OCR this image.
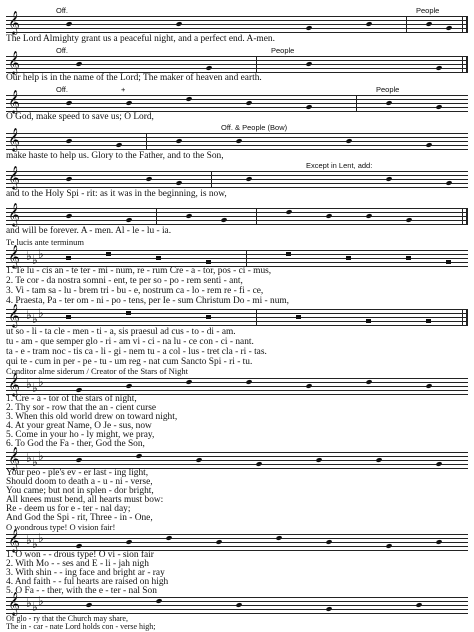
𝄞
Off.	People
The Lord Almighty grant us a peaceful night, and a perfect end. A-men.
𝄞
Off.	People
Our help is in the name of the Lord; The maker of heaven and earth.
𝄞
Off.	+	People
O God, make speed to save us; O Lord,
𝄞
Off. & People (Bow)
make haste to help us. Glory to the Father, and to the Son,
𝄞
Except in Lent, add:
and to the Holy Spi - rit: as it was in the beginning, is now,
𝄞
and will be forever. A - men. Al - le - lu - ia.
Te lucis ante terminum
𝄞 ♭ ♭ ♭
1. Te lu - cis an - te ter - mi - num, re - rum Cre - a - tor, pos - ci - mus,
2. Te cor - da nostra somni - ent, te per so - po - rem senti - ant,
3. Vi - tam sa - lu - brem tri - bu - e, nostrum ca - lo - rem re - fi - ce,
4. Praesta, Pa - ter om - ni - po - tens, per Ie - sum Christum Do - mi - num,
𝄞 ♭ ♭ ♭
ut so - li - ta cle - men - ti - a, sis praesul ad cus - to - di - am.
tu - am - que semper glo - ri - am vi - ci - na lu - ce con - ci - nant.
ta - e - tram noc - tis ca - li - gi - nem tu - a col - lus - tret cla - ri - tas.
qui te - cum in per - pe - tu - um reg - nat cum Sancto Spi - ri - tu.
Conditor alme siderum / Creator of the Stars of Night
𝄞 ♭ ♭ ♭
1. Cre - a - tor of the stars of night,
2. Thy sor - row that the an - cient curse
3. When this old world drew on toward night,
4. At your great Name, O Je - sus, now
5. Come in your ho - ly might, we pray,
6. To God the Fa - ther, God the Son,
𝄞 ♭ ♭ ♭
Your peo - ple's ev - er last - ing light,
Should doom to death a - u - ni - verse,
You came; but not in splen - dor bright,
All knees must bend, all hearts must bow:
Re - deem us for e - ter - nal day;
And God the Spi - rit, Three - in - One,
O wondrous type! O vision fair!
𝄞 ♭ ♭ ♭
1. O won - - drous type! O vi - sion fair
2. With Mo - - ses and E - li - jah nigh
3. With shin - - ing face and bright ar - ray
4. And faith - - ful hearts are raised on high
5. O Fa - - ther, with the e - ter - nal Son
𝄞 ♭ ♭ ♭
Of glo - ry that the Church may share,
The in - car - nate Lord holds con - verse high;
